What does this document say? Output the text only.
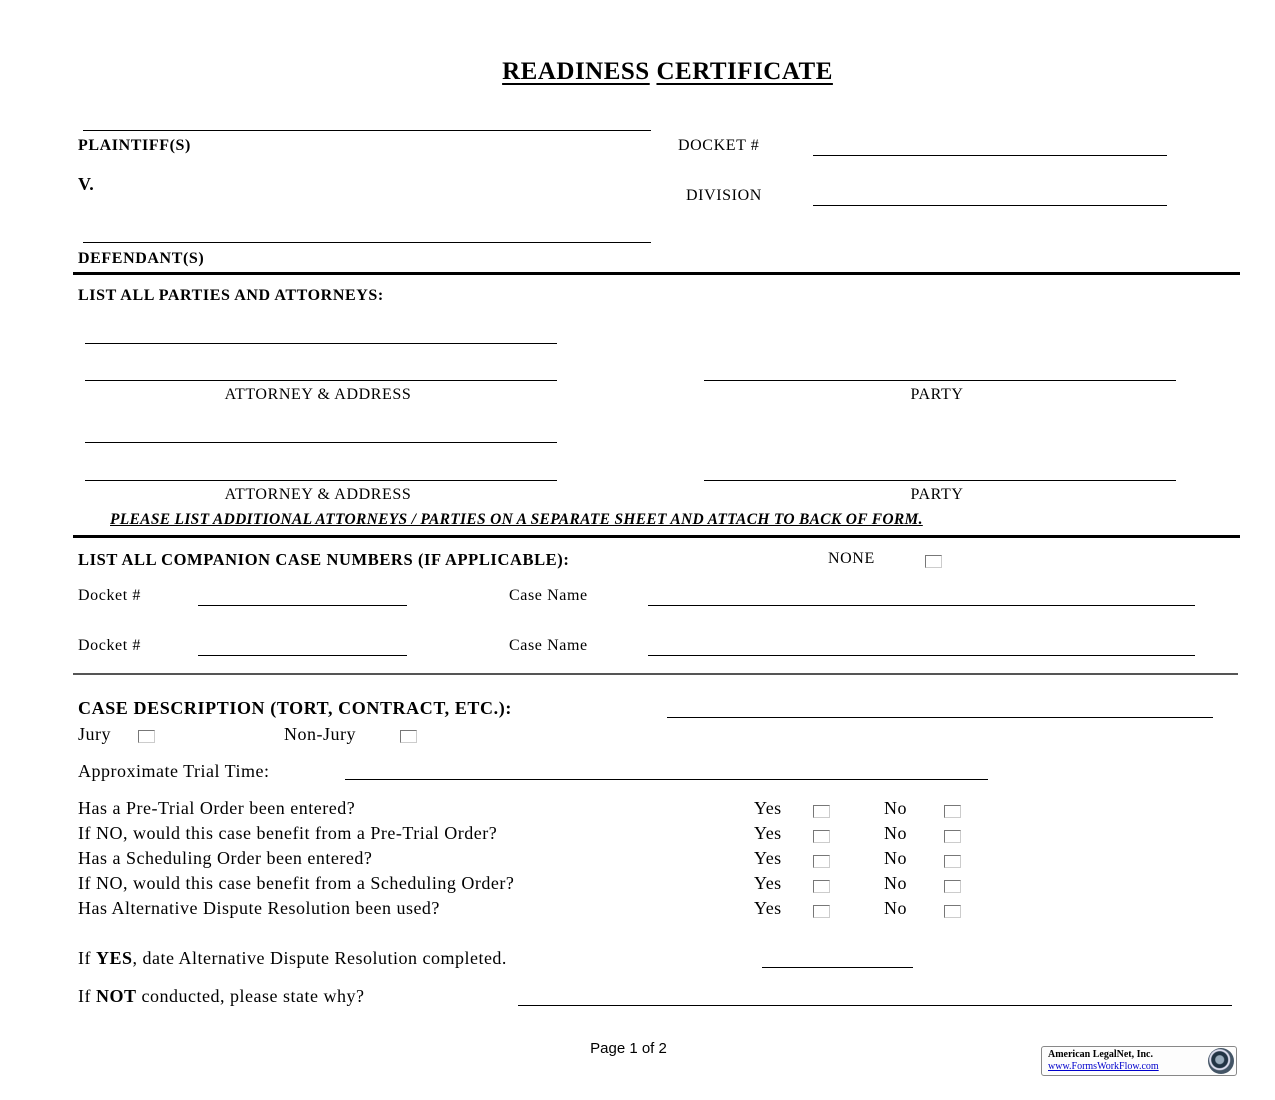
READINESS CERTIFICATE
PLAINTIFF(S)
V.
DEFENDANT(S)
DOCKET #
DIVISION
LIST ALL PARTIES AND ATTORNEYS:
ATTORNEY & ADDRESS	PARTY
ATTORNEY & ADDRESS	PARTY
PLEASE LIST ADDITIONAL ATTORNEYS / PARTIES ON A SEPARATE SHEET AND ATTACH TO BACK OF FORM.
LIST ALL COMPANION CASE NUMBERS (IF APPLICABLE):	NONE
Docket #	Case Name
Docket #	Case Name
CASE DESCRIPTION (TORT, CONTRACT, ETC.):
Jury	Non-Jury
Approximate Trial Time:
Has a Pre-Trial Order been entered?	Yes	No
If NO, would this case benefit from a Pre-Trial Order?	Yes	No
Has a Scheduling Order been entered?	Yes	No
If NO, would this case benefit from a Scheduling Order?	Yes	No
Has Alternative Dispute Resolution been used?	Yes	No
If YES, date Alternative Dispute Resolution completed.
If NOT conducted, please state why?
Page 1 of 2	American LegalNet, Inc.
www.FormsWorkFlow.com
